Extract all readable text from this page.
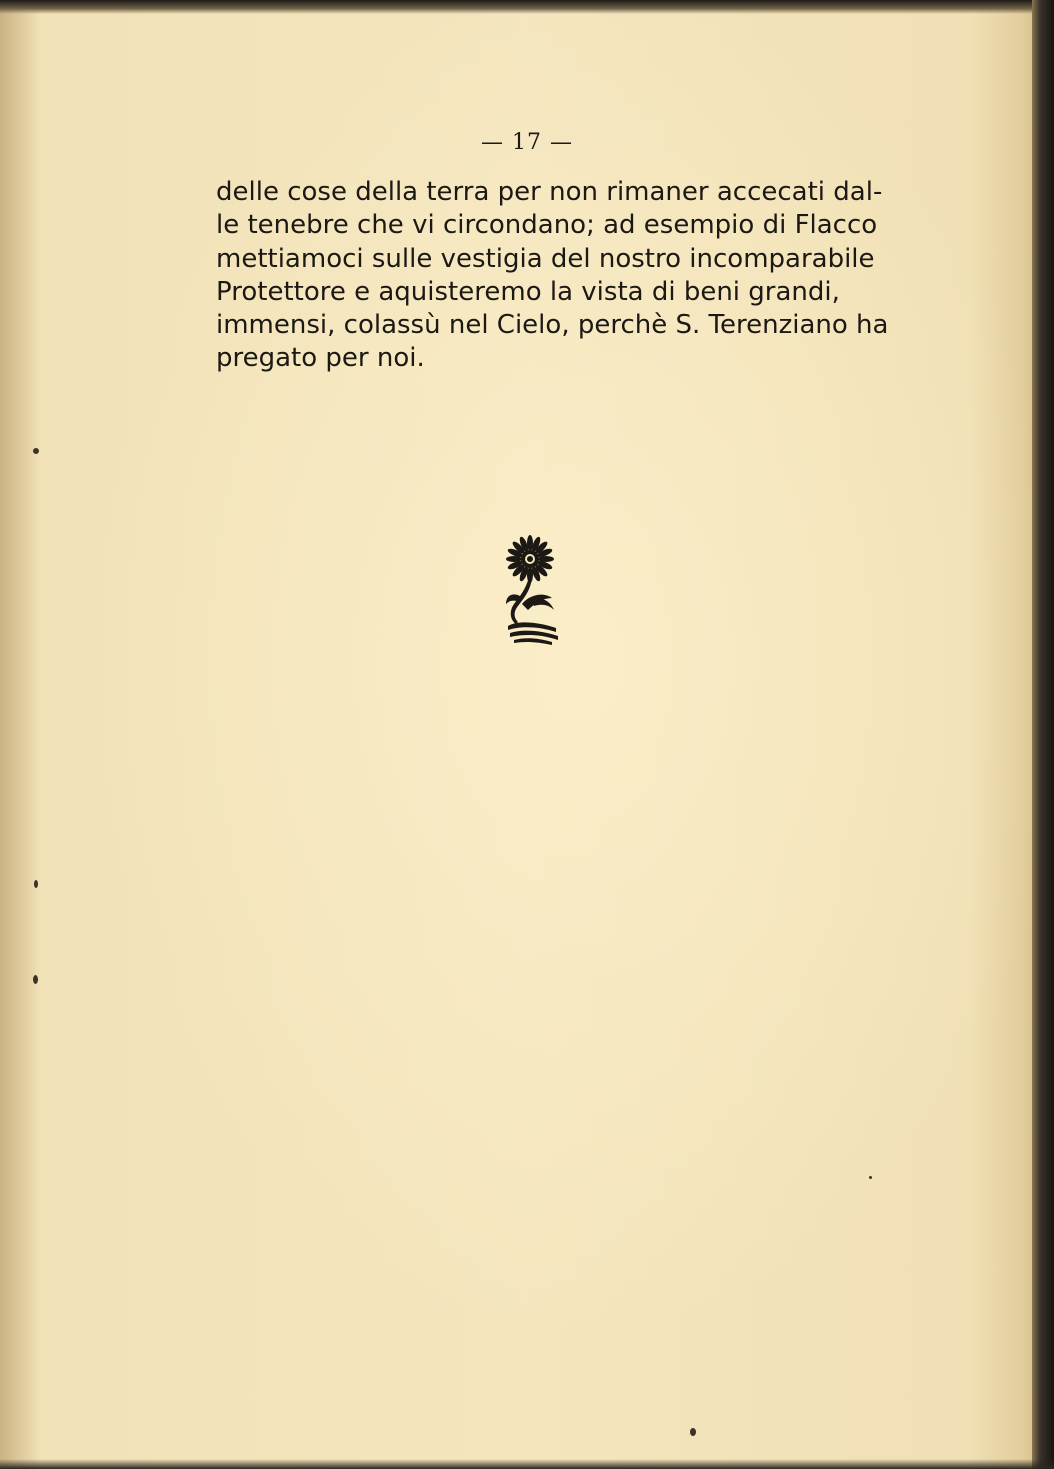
— 17 —
delle cose della terra per non rimaner accecati dal-
le tenebre che vi circondano; ad esempio di Flacco
mettiamoci sulle vestigia del nostro incomparabile
Protettore e aquisteremo la vista di beni grandi,
immensi, colassù nel Cielo, perchè S. Terenziano ha
pregato per noi.
